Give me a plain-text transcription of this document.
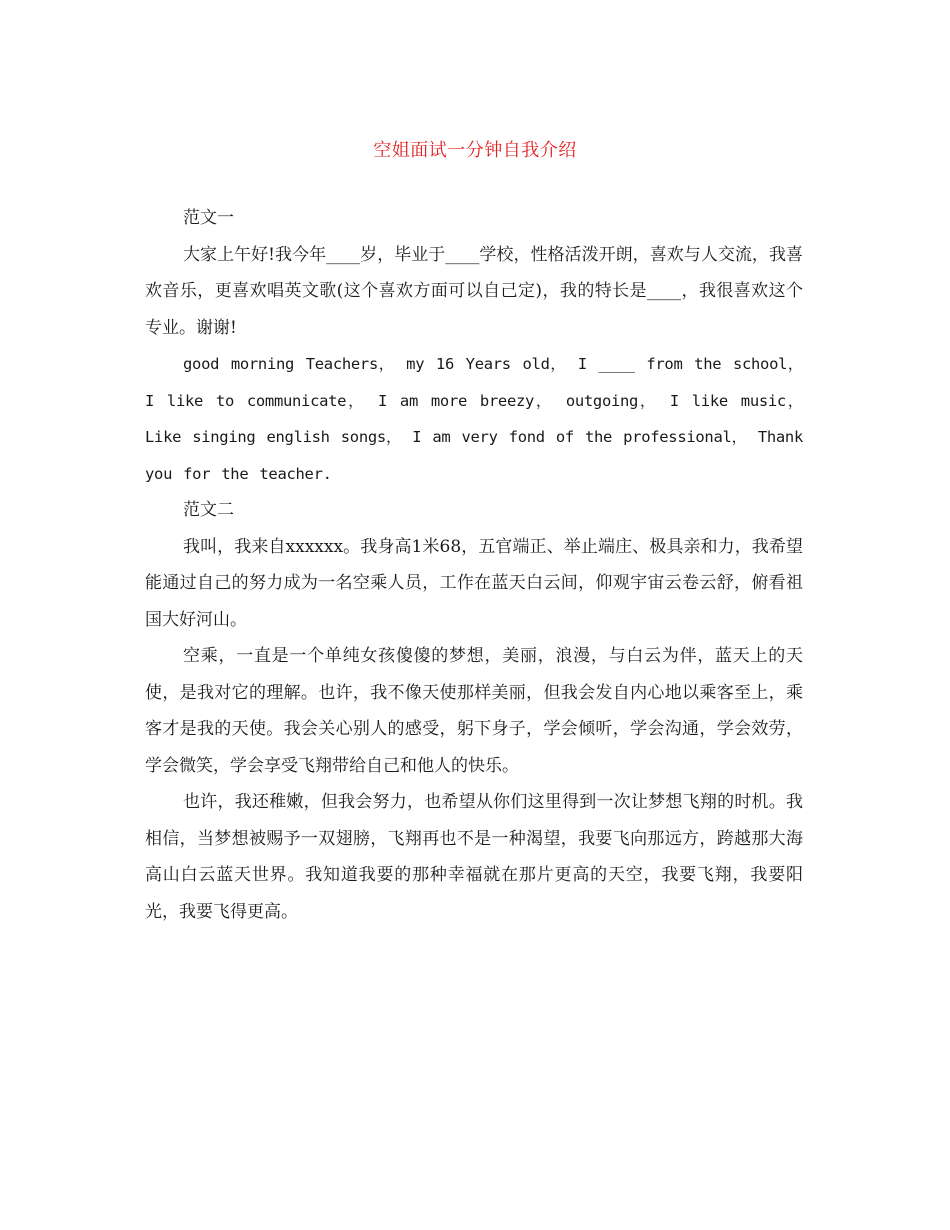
空姐面试一分钟自我介绍

范文一

大家上午好!我今年____岁，毕业于____学校，性格活泼开朗，喜欢与人交流，我喜欢音乐，更喜欢唱英文歌(这个喜欢方面可以自己定)，我的特长是____，我很喜欢这个专业。谢谢!

good morning Teachers， my 16 Years old， I ____ from the school， I like to communicate， I am more breezy， outgoing， I like music， Like singing english songs， I am very fond of the professional， Thank you for the teacher.

范文二

我叫，我来自xxxxxx。我身高1米68，五官端正、举止端庄、极具亲和力，我希望能通过自己的努力成为一名空乘人员，工作在蓝天白云间，仰观宇宙云卷云舒，俯看祖国大好河山。

空乘，一直是一个单纯女孩傻傻的梦想，美丽，浪漫，与白云为伴，蓝天上的天使，是我对它的理解。也许，我不像天使那样美丽，但我会发自内心地以乘客至上，乘客才是我的天使。我会关心别人的感受，躬下身子，学会倾听，学会沟通，学会效劳，学会微笑，学会享受飞翔带给自己和他人的快乐。

也许，我还稚嫩，但我会努力，也希望从你们这里得到一次让梦想飞翔的时机。我相信，当梦想被赐予一双翅膀，飞翔再也不是一种渴望，我要飞向那远方，跨越那大海高山白云蓝天世界。我知道我要的那种幸福就在那片更高的天空，我要飞翔，我要阳光，我要飞得更高。
